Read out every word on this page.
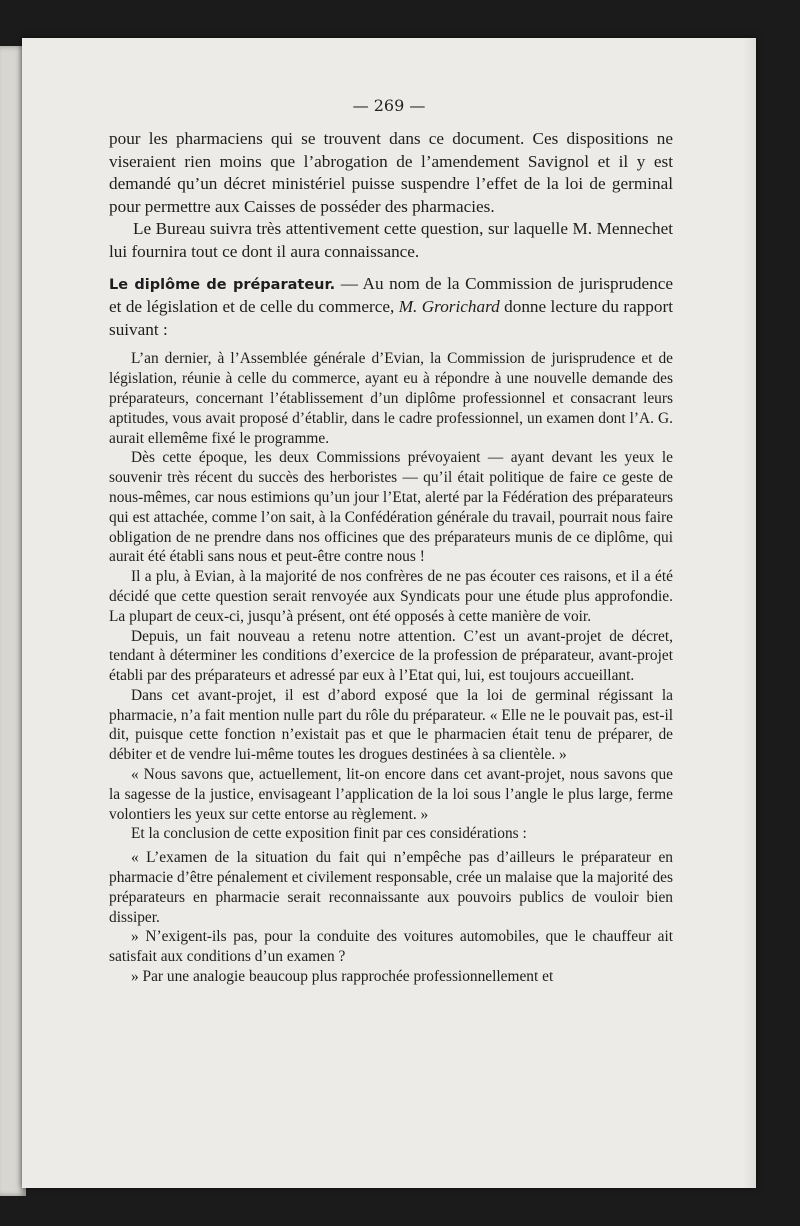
— 269 —

pour les pharmaciens qui se trouvent dans ce document. Ces dispositions ne viseraient rien moins que l’abrogation de l’amendement Savignol et il y est demandé qu’un décret ministériel puisse suspendre l’effet de la loi de germinal pour permettre aux Caisses de posséder des pharmacies.

Le Bureau suivra très attentivement cette question, sur laquelle M. Mennechet lui fournira tout ce dont il aura connaissance.

Le diplôme de préparateur. — Au nom de la Commission de jurisprudence et de législation et de celle du commerce, M. Grorichard donne lecture du rapport suivant :

L’an dernier, à l’Assemblée générale d’Evian, la Commission de jurisprudence et de législation, réunie à celle du commerce, ayant eu à répondre à une nouvelle demande des préparateurs, concernant l’établissement d’un diplôme professionnel et consacrant leurs aptitudes, vous avait proposé d’établir, dans le cadre professionnel, un examen dont l’A. G. aurait ellemême fixé le programme.

Dès cette époque, les deux Commissions prévoyaient — ayant devant les yeux le souvenir très récent du succès des herboristes — qu’il était politique de faire ce geste de nous-mêmes, car nous estimions qu’un jour l’Etat, alerté par la Fédération des préparateurs qui est attachée, comme l’on sait, à la Confédération générale du travail, pourrait nous faire obligation de ne prendre dans nos officines que des préparateurs munis de ce diplôme, qui aurait été établi sans nous et peut-être contre nous !

Il a plu, à Evian, à la majorité de nos confrères de ne pas écouter ces raisons, et il a été décidé que cette question serait renvoyée aux Syndicats pour une étude plus approfondie. La plupart de ceux-ci, jusqu’à présent, ont été opposés à cette manière de voir.

Depuis, un fait nouveau a retenu notre attention. C’est un avant-projet de décret, tendant à déterminer les conditions d’exercice de la profession de préparateur, avant-projet établi par des préparateurs et adressé par eux à l’Etat qui, lui, est toujours accueillant.

Dans cet avant-projet, il est d’abord exposé que la loi de germinal régissant la pharmacie, n’a fait mention nulle part du rôle du préparateur. « Elle ne le pouvait pas, est-il dit, puisque cette fonction n’existait pas et que le pharmacien était tenu de préparer, de débiter et de vendre lui-même toutes les drogues destinées à sa clientèle. »

« Nous savons que, actuellement, lit-on encore dans cet avant-projet, nous savons que la sagesse de la justice, envisageant l’application de la loi sous l’angle le plus large, ferme volontiers les yeux sur cette entorse au règlement. »

Et la conclusion de cette exposition finit par ces considérations :

« L’examen de la situation du fait qui n’empêche pas d’ailleurs le préparateur en pharmacie d’être pénalement et civilement responsable, crée un malaise que la majorité des préparateurs en pharmacie serait reconnaissante aux pouvoirs publics de vouloir bien dissiper.

» N’exigent-ils pas, pour la conduite des voitures automobiles, que le chauffeur ait satisfait aux conditions d’un examen ?

» Par une analogie beaucoup plus rapprochée professionnellement et
